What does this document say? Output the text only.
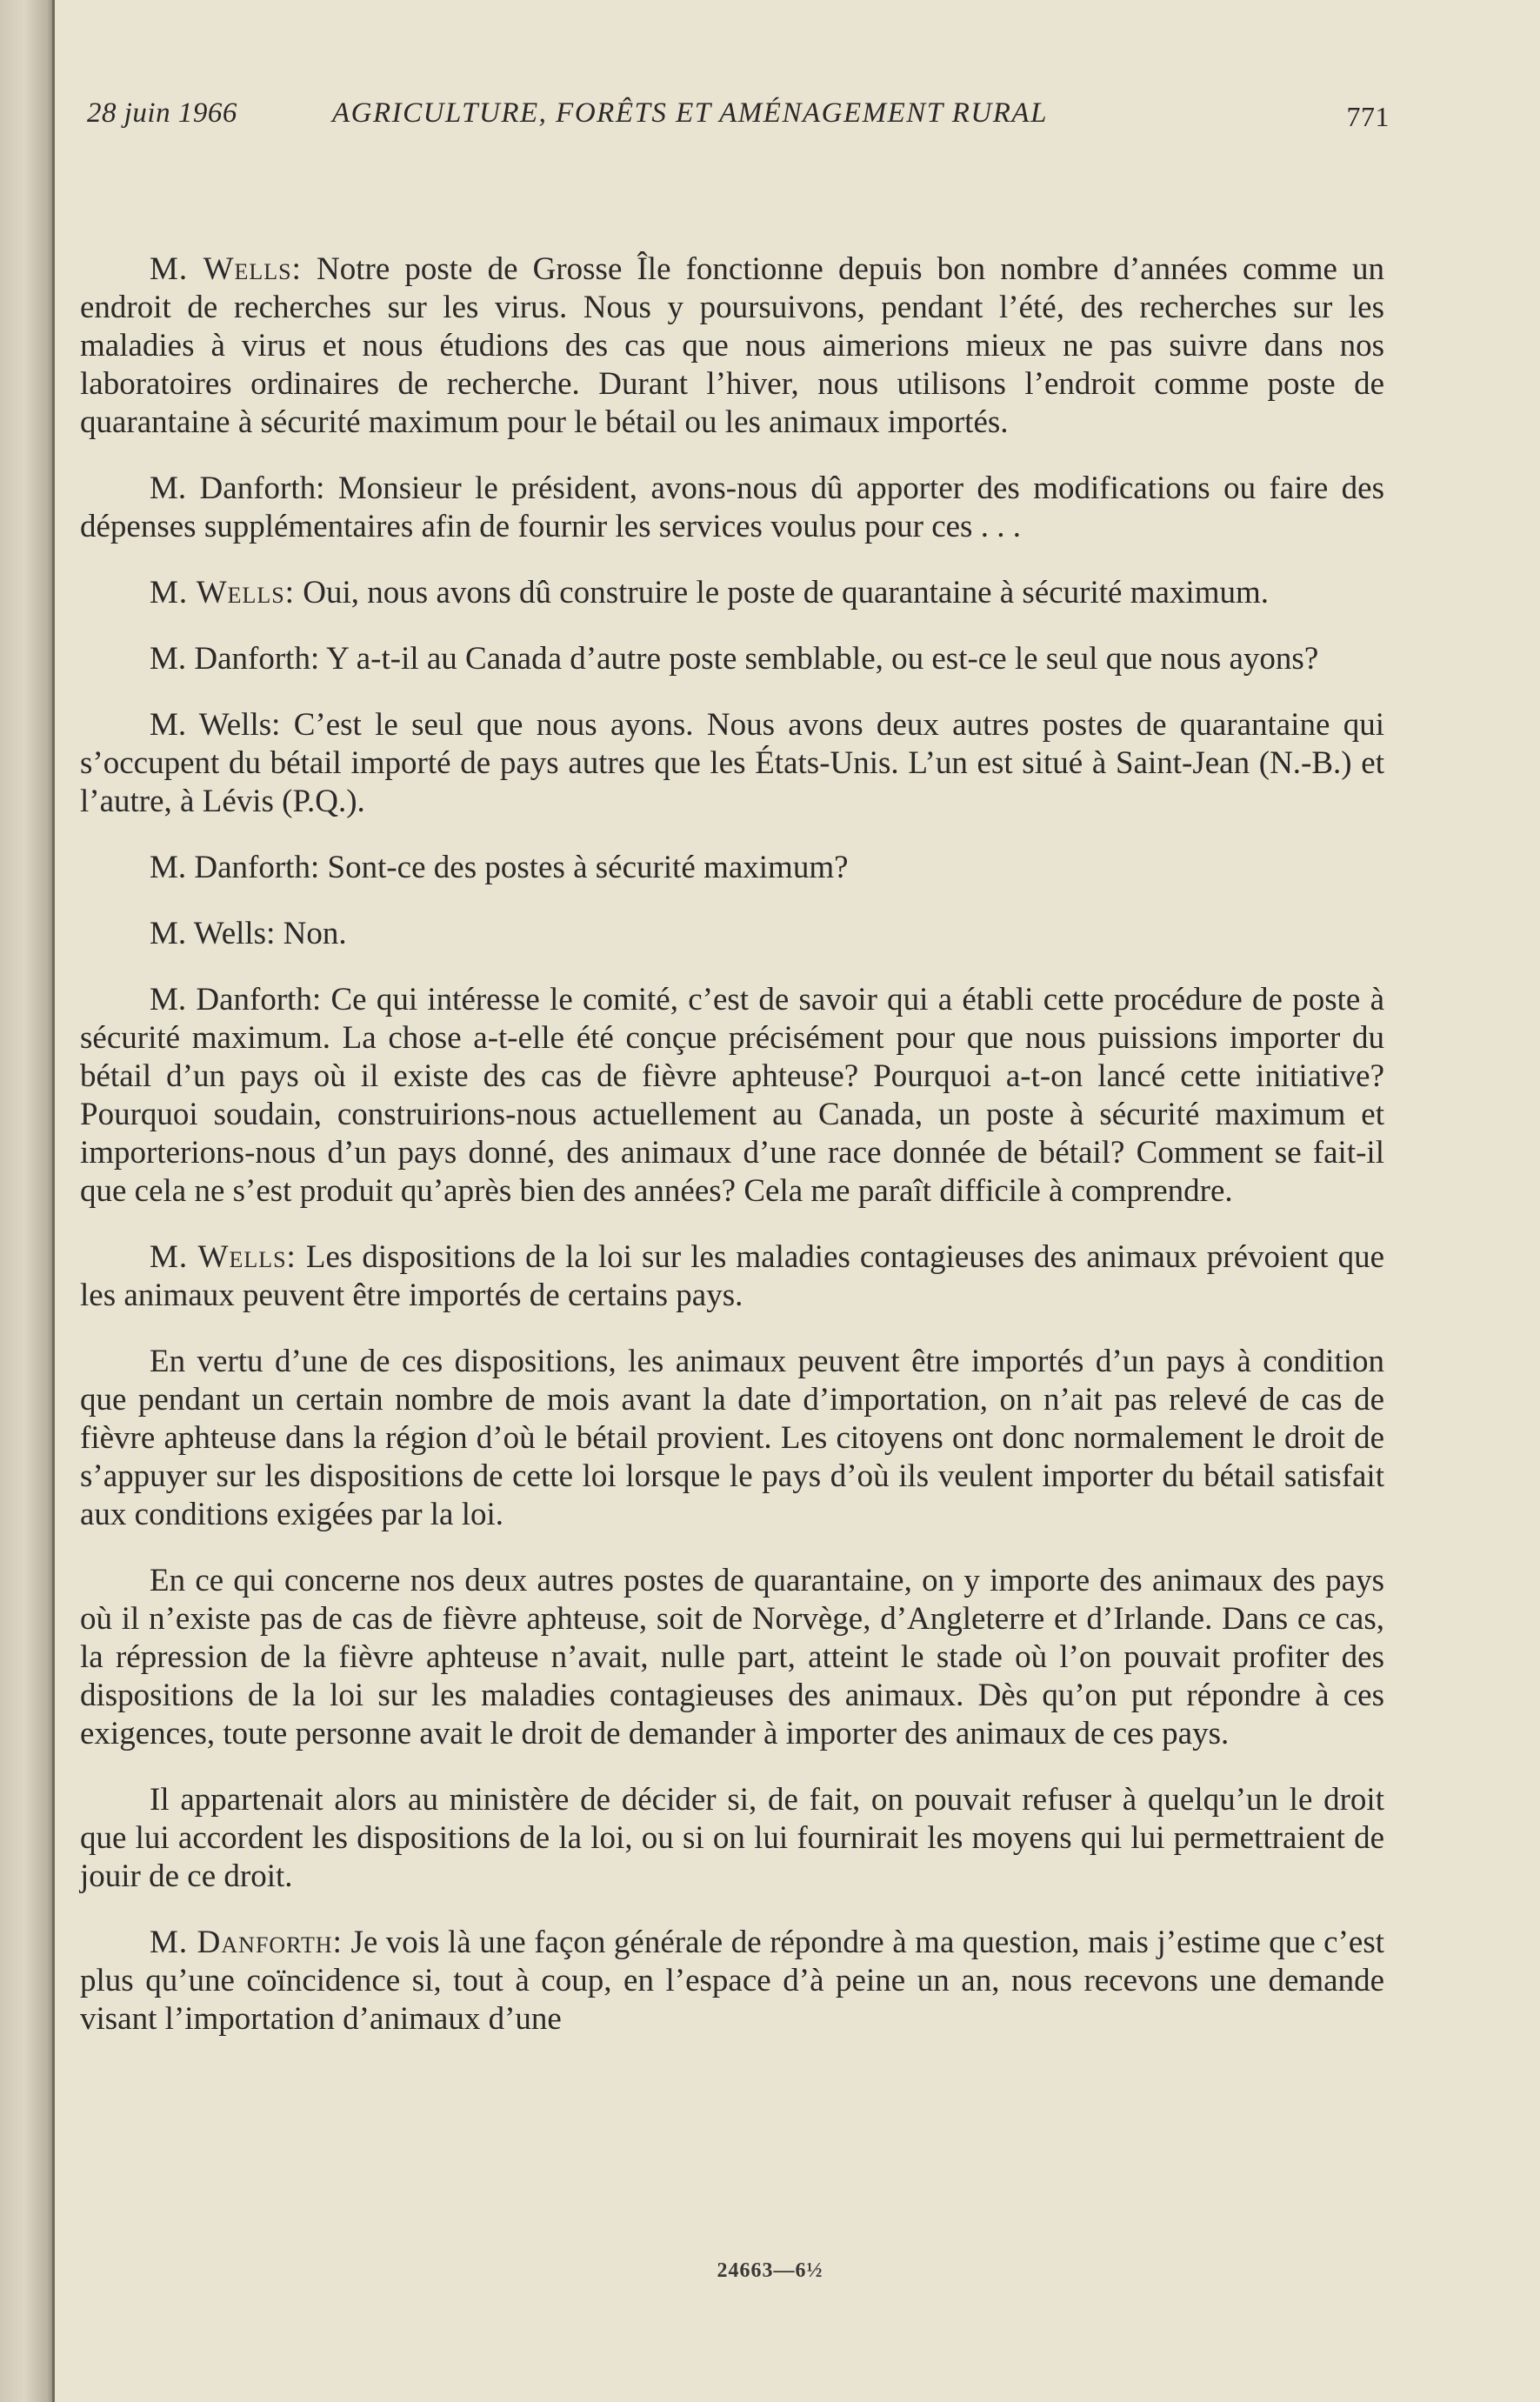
28 juin 1966	AGRICULTURE, FORÊTS ET AMÉNAGEMENT RURAL	771

M. Wells: Notre poste de Grosse Île fonctionne depuis bon nombre d’années comme un endroit de recherches sur les virus. Nous y poursuivons, pendant l’été, des recherches sur les maladies à virus et nous étudions des cas que nous aimerions mieux ne pas suivre dans nos laboratoires ordinaires de recherche. Durant l’hiver, nous utilisons l’endroit comme poste de quarantaine à sécurité maximum pour le bétail ou les animaux importés.

M. Danforth: Monsieur le président, avons-nous dû apporter des modifications ou faire des dépenses supplémentaires afin de fournir les services voulus pour ces . . .

M. Wells: Oui, nous avons dû construire le poste de quarantaine à sécurité maximum.

M. Danforth: Y a-t-il au Canada d’autre poste semblable, ou est-ce le seul que nous ayons?

M. Wells: C’est le seul que nous ayons. Nous avons deux autres postes de quarantaine qui s’occupent du bétail importé de pays autres que les États-Unis. L’un est situé à Saint-Jean (N.-B.) et l’autre, à Lévis (P.Q.).

M. Danforth: Sont-ce des postes à sécurité maximum?

M. Wells: Non.

M. Danforth: Ce qui intéresse le comité, c’est de savoir qui a établi cette procédure de poste à sécurité maximum. La chose a-t-elle été conçue précisément pour que nous puissions importer du bétail d’un pays où il existe des cas de fièvre aphteuse? Pourquoi a-t-on lancé cette initiative? Pourquoi soudain, construirions-nous actuellement au Canada, un poste à sécurité maximum et importerions-nous d’un pays donné, des animaux d’une race donnée de bétail? Comment se fait-il que cela ne s’est produit qu’après bien des années? Cela me paraît difficile à comprendre.

M. Wells: Les dispositions de la loi sur les maladies contagieuses des animaux prévoient que les animaux peuvent être importés de certains pays.

En vertu d’une de ces dispositions, les animaux peuvent être importés d’un pays à condition que pendant un certain nombre de mois avant la date d’importation, on n’ait pas relevé de cas de fièvre aphteuse dans la région d’où le bétail provient. Les citoyens ont donc normalement le droit de s’appuyer sur les dispositions de cette loi lorsque le pays d’où ils veulent importer du bétail satisfait aux conditions exigées par la loi.

En ce qui concerne nos deux autres postes de quarantaine, on y importe des animaux des pays où il n’existe pas de cas de fièvre aphteuse, soit de Norvège, d’Angleterre et d’Irlande. Dans ce cas, la répression de la fièvre aphteuse n’avait, nulle part, atteint le stade où l’on pouvait profiter des dispositions de la loi sur les maladies contagieuses des animaux. Dès qu’on put répondre à ces exigences, toute personne avait le droit de demander à importer des animaux de ces pays.

Il appartenait alors au ministère de décider si, de fait, on pouvait refuser à quelqu’un le droit que lui accordent les dispositions de la loi, ou si on lui fournirait les moyens qui lui permettraient de jouir de ce droit.

M. Danforth: Je vois là une façon générale de répondre à ma question, mais j’estime que c’est plus qu’une coïncidence si, tout à coup, en l’espace d’à peine un an, nous recevons une demande visant l’importation d’animaux d’une

24663—6½
